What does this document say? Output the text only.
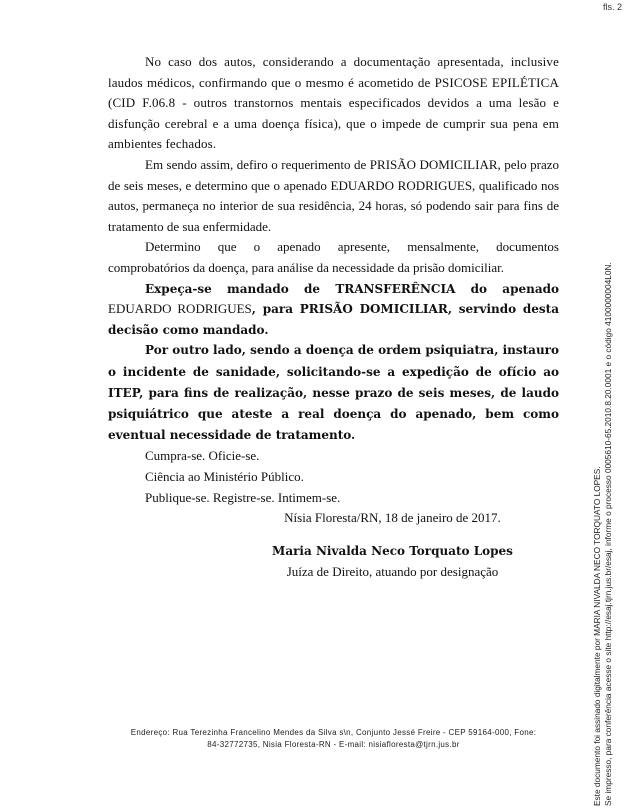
fls. 2

No caso dos autos, considerando a documentação apresentada, inclusive laudos médicos, confirmando que o mesmo é acometido de PSICOSE EPILÉTICA (CID F.06.8 - outros transtornos mentais especificados devidos a uma lesão e disfunção cerebral e a uma doença física), que o impede de cumprir sua pena em ambientes fechados.

Em sendo assim, defiro o requerimento de PRISÃO DOMICILIAR, pelo prazo de seis meses, e determino que o apenado EDUARDO RODRIGUES, qualificado nos autos, permaneça no interior de sua residência, 24 horas, só podendo sair para fins de tratamento de sua enfermidade.

Determino que o apenado apresente, mensalmente, documentos comprobatórios da doença, para análise da necessidade da prisão domiciliar.

Expeça-se mandado de TRANSFERÊNCIA do apenado EDUARDO RODRIGUES, para PRISÃO DOMICILIAR, servindo desta decisão como mandado.

Por outro lado, sendo a doença de ordem psiquiatra, instauro o incidente de sanidade, solicitando-se a expedição de ofício ao ITEP, para fins de realização, nesse prazo de seis meses, de laudo psiquiátrico que ateste a real doença do apenado, bem como eventual necessidade de tratamento.

Cumpra-se. Oficie-se.

Ciência ao Ministério Público.

Publique-se. Registre-se. Intimem-se.

Nísia Floresta/RN, 18 de janeiro de 2017.
Maria Nivalda Neco Torquato Lopes
Juíza de Direito, atuando por designação
Endereço: Rua Terezinha Francelino Mendes da Silva s\n, Conjunto Jessé Freire - CEP 59164-000, Fone:
84-32772735, Nisia Floresta-RN - E-mail: nisiafloresta@tjrn.jus.br	Este documento foi assinado digitalmente por MARIA NIVALDA NECO TORQUATO LOPES. Se impresso, para conferência acesse o site http://esaj.tjrn.jus.br/esaj, informe o processo 0005610-65.2010.8.20.0001 e o código 4100000004L0N.
